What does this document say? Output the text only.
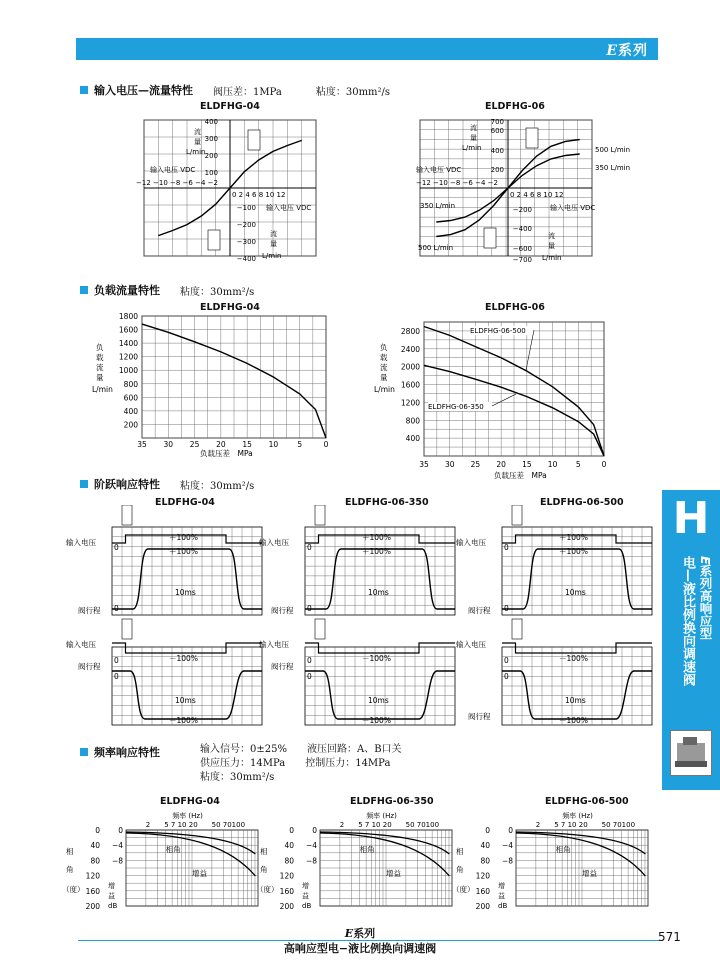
E系列
输入电压—流量特性 阀压差：1MPa	粘度：30mm²/s
ELDFHG-04	ELDFHG-06
400
300
200
100
−100
−200
−300
−400
−12 −10 −8 −6 −4 −2
0 2 4 6 8 10 12
输入电压 VDC
输入电压 VDC
流
量
L/min
流
量
L/min
700
600
400
200
−200
−400
−600
−700
−12 −10 −8 −6 −4 −2
0 2 4 6 8 10 12
输入电压 VDC
输入电压 VDC
流
量
L/min
流
量
L/min
500 L/min
350 L/min
350 L/min
500 L/min
负载流量特性 粘度：30mm²/s
ELDFHG-04	ELDFHG-06
1800
1600
1400
1200
1000
800
600
400
200
35 30 25 20 15 10	5	0
负
载
流
量
L/min
负载压差　MPa
2800
2400
2000
1600
1200
800
400
35 30 25 20 15 10 5	0
负
载
流
量
L/min
负载压差　MPa
ELDFHG-06-500
ELDFHG-06-350
阶跃响应特性 粘度：30mm²/s
ELDFHG-04	ELDFHG-06-350	ELDFHG-06-500
＋100%
＋100%
10ms
0
0
输入电压
阀行程
－100%
－100%
10ms
0
0
输入电压
阀行程
＋100%
＋100%
10ms
0
0
输入电压
阀行程
－100%
－100%
10ms
0
0
输入电压
阀行程
＋100%
＋100%
10ms
0
0
输入电压
阀行程
－100%
－100%
10ms
0
0
输入电压
阀行程
频率响应特性	输入信号：0±25%　　液压回路：A、B口关
供应压力：14MPa　　控制压力：14MPa
粘度：30mm²/s
ELDFHG-04	ELDFHG-06-350	ELDFHG-06-500
相角
增益
频率 (Hz)
2　　5 7 10 20　　50 70100
0
40
80
120
160
200
0
−4
−8
相
角
（度）	增
益
dB
相角
增益
频率 (Hz)
2　　5 7 10 20　　50 70100
0
40
80
120
160
200
0
−4
−8
相
角
（度）	增
益
dB
相角
增益
频率 (Hz)
2　　5 7 10 20　　50 70100
0
40
80
120
160
200
0
−4
−8
相
角
（度）	增
益
dB
H
E系列高响应型
电—液比例换向调速阀
E系列
高响应型电−液比例换向调速阀
571
